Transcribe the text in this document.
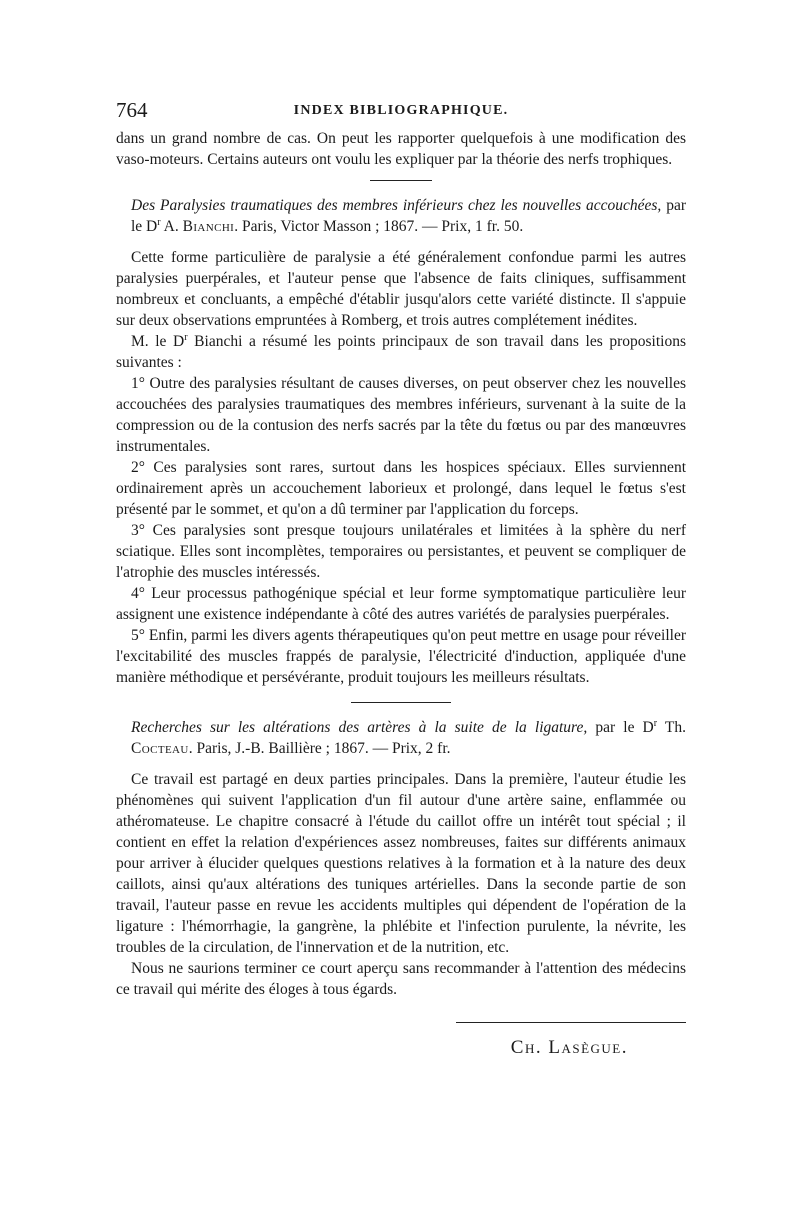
764	INDEX BIBLIOGRAPHIQUE.

dans un grand nombre de cas. On peut les rapporter quelquefois à une modification des vaso-moteurs. Certains auteurs ont voulu les expliquer par la théorie des nerfs trophiques.

Des Paralysies traumatiques des membres inférieurs chez les nouvelles accouchées, par le $D^r$ A. Bianchi. Paris, Victor Masson ; 1867. — Prix, 1 fr. 50.

Cette forme particulière de paralysie a été généralement confondue parmi les autres paralysies puerpérales, et l'auteur pense que l'absence de faits cliniques, suffisamment nombreux et concluants, a empêché d'établir jusqu'alors cette variété distincte. Il s'appuie sur deux observations empruntées à Romberg, et trois autres complétement inédites.

M. le $D^r$ Bianchi a résumé les points principaux de son travail dans les propositions suivantes :

1° Outre des paralysies résultant de causes diverses, on peut observer chez les nouvelles accouchées des paralysies traumatiques des membres inférieurs, survenant à la suite de la compression ou de la contusion des nerfs sacrés par la tête du fœtus ou par des manœuvres instrumentales.

2° Ces paralysies sont rares, surtout dans les hospices spéciaux. Elles surviennent ordinairement après un accouchement laborieux et prolongé, dans lequel le fœtus s'est présenté par le sommet, et qu'on a dû terminer par l'application du forceps.

3° Ces paralysies sont presque toujours unilatérales et limitées à la sphère du nerf sciatique. Elles sont incomplètes, temporaires ou persistantes, et peuvent se compliquer de l'atrophie des muscles intéressés.

4° Leur processus pathogénique spécial et leur forme symptomatique particulière leur assignent une existence indépendante à côté des autres variétés de paralysies puerpérales.

5° Enfin, parmi les divers agents thérapeutiques qu'on peut mettre en usage pour réveiller l'excitabilité des muscles frappés de paralysie, l'électricité d'induction, appliquée d'une manière méthodique et persévérante, produit toujours les meilleurs résultats.

Recherches sur les altérations des artères à la suite de la ligature, par le $D^r$ Th. Cocteau. Paris, J.-B. Baillière ; 1867. — Prix, 2 fr.

Ce travail est partagé en deux parties principales. Dans la première, l'auteur étudie les phénomènes qui suivent l'application d'un fil autour d'une artère saine, enflammée ou athéromateuse. Le chapitre consacré à l'étude du caillot offre un intérêt tout spécial ; il contient en effet la relation d'expériences assez nombreuses, faites sur différents animaux pour arriver à élucider quelques questions relatives à la formation et à la nature des deux caillots, ainsi qu'aux altérations des tuniques artérielles. Dans la seconde partie de son travail, l'auteur passe en revue les accidents multiples qui dépendent de l'opération de la ligature : l'hémorrhagie, la gangrène, la phlébite et l'infection purulente, la névrite, les troubles de la circulation, de l'innervation et de la nutrition, etc.

Nous ne saurions terminer ce court aperçu sans recommander à l'attention des médecins ce travail qui mérite des éloges à tous égards.

Ch. Lasègue.
